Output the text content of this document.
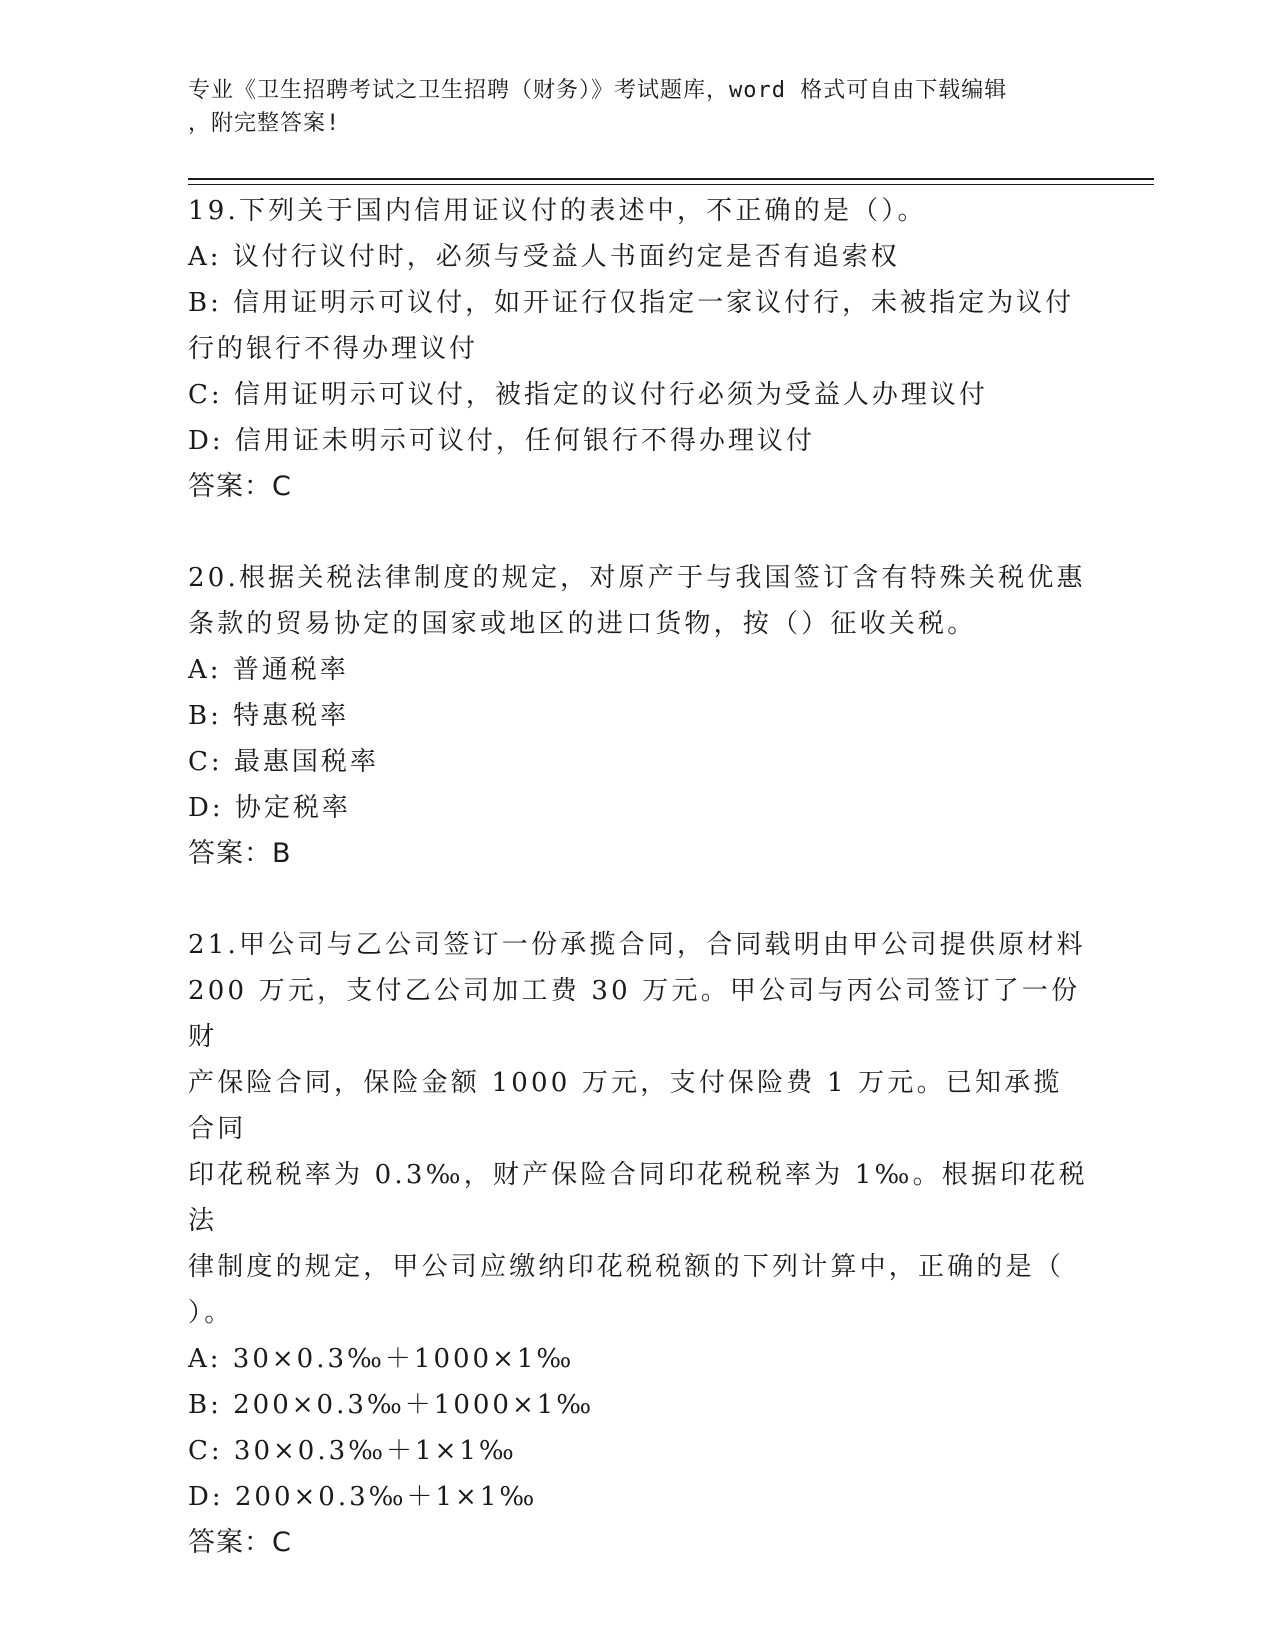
专业《卫生招聘考试之卫生招聘（财务）》考试题库，word 格式可自由下载编辑
，附完整答案!

19.下列关于国内信用证议付的表述中，不正确的是（）。

A: 议付行议付时，必须与受益人书面约定是否有追索权

B: 信用证明示可议付，如开证行仅指定一家议付行，未被指定为议付

行的银行不得办理议付

C: 信用证明示可议付，被指定的议付行必须为受益人办理议付

D: 信用证未明示可议付，任何银行不得办理议付

答案：C

20.根据关税法律制度的规定，对原产于与我国签订含有特殊关税优惠

条款的贸易协定的国家或地区的进口货物，按（）征收关税。

A: 普通税率

B: 特惠税率

C: 最惠国税率

D: 协定税率

答案：B

21.甲公司与乙公司签订一份承揽合同，合同载明由甲公司提供原材料

200 万元，支付乙公司加工费 30 万元。甲公司与丙公司签订了一份财

产保险合同，保险金额 1000 万元，支付保险费 1 万元。已知承揽合同

印花税税率为 0.3‰，财产保险合同印花税税率为 1‰。根据印花税法

律制度的规定，甲公司应缴纳印花税税额的下列计算中，正确的是（

）。

A: 30×0.3‰＋1000×1‰

B: 200×0.3‰＋1000×1‰

C: 30×0.3‰＋1×1‰

D: 200×0.3‰＋1×1‰

答案：C
